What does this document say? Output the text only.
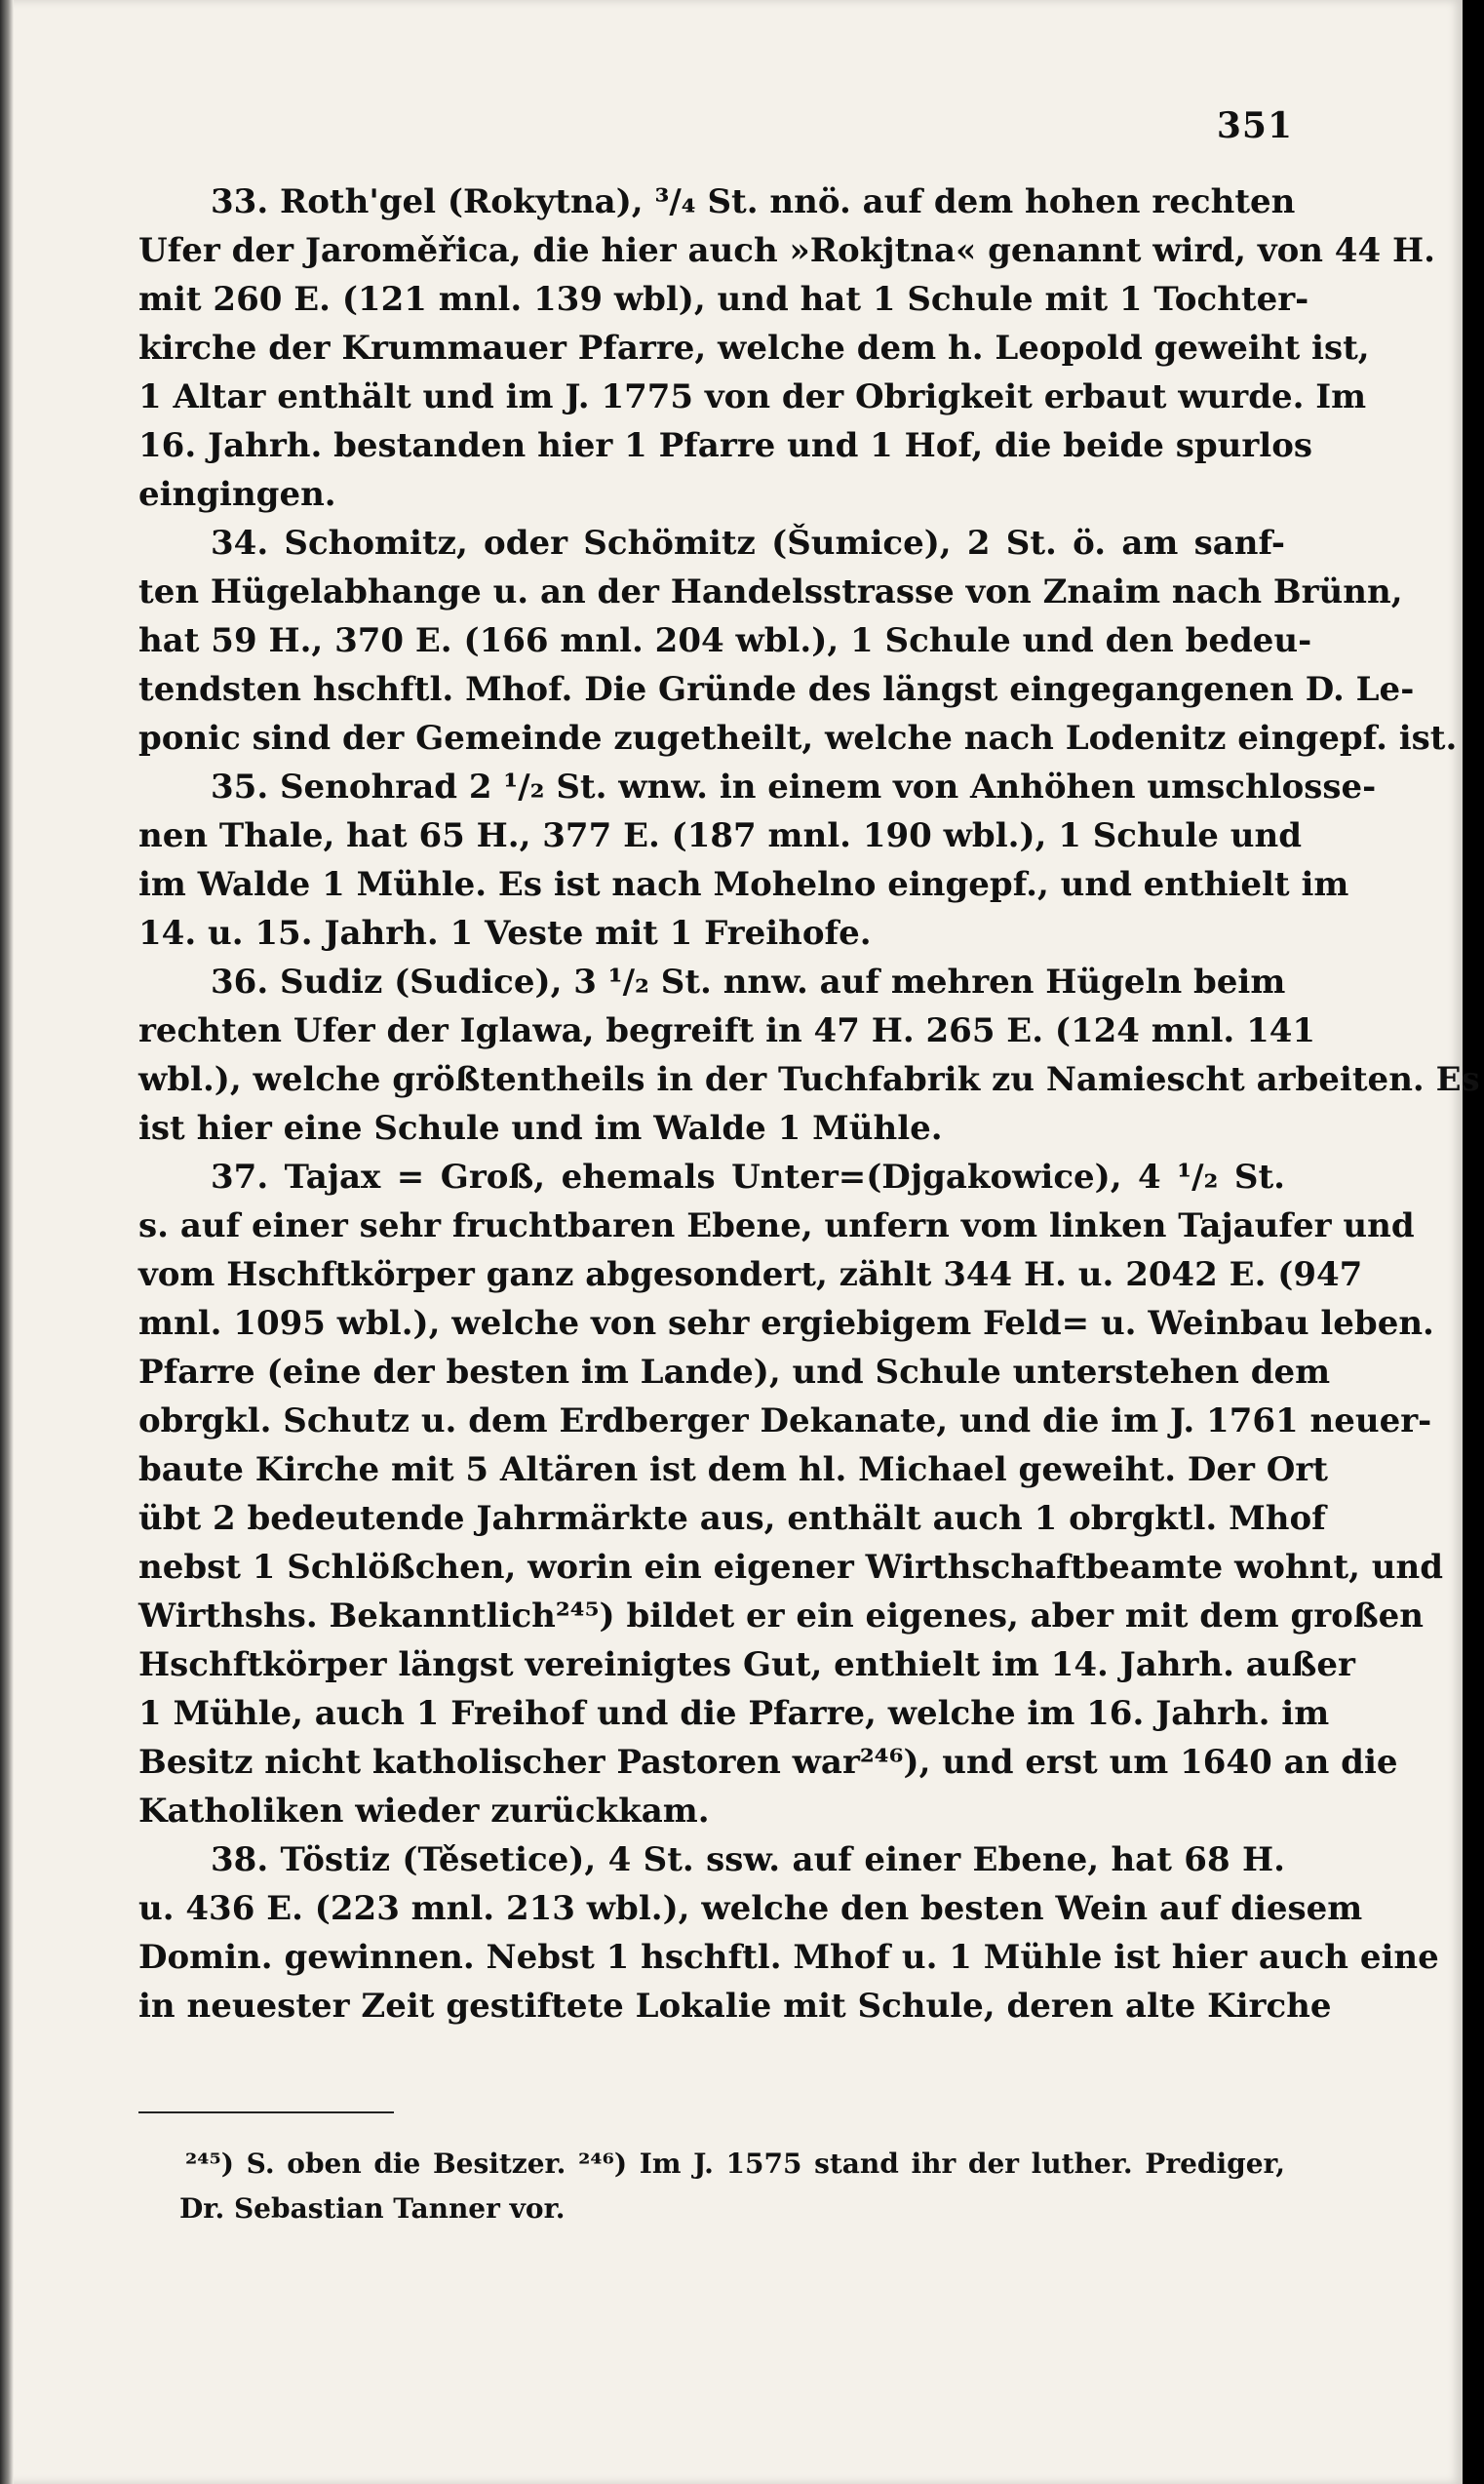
351
33. Roth'gel (Rokytna), ³/₄ St. nnö. auf dem hohen rechten
Ufer der Jaroměřica, die hier auch »Rokjtna« genannt wird, von 44 H.
mit 260 E. (121 mnl. 139 wbl), und hat 1 Schule mit 1 Tochter-
kirche der Krummauer Pfarre, welche dem h. Leopold geweiht ist,
1 Altar enthält und im J. 1775 von der Obrigkeit erbaut wurde. Im
16. Jahrh. bestanden hier 1 Pfarre und 1 Hof, die beide spurlos
eingingen.
34. Schomitz, oder Schömitz (Šumice), 2 St. ö. am sanf-
ten Hügelabhange u. an der Handelsstrasse von Znaim nach Brünn,
hat 59 H., 370 E. (166 mnl. 204 wbl.), 1 Schule und den bedeu-
tendsten hschftl. Mhof. Die Gründe des längst eingegangenen D. Le-
ponic sind der Gemeinde zugetheilt, welche nach Lodenitz eingepf. ist.
35. Senohrad 2 ¹/₂ St. wnw. in einem von Anhöhen umschlosse-
nen Thale, hat 65 H., 377 E. (187 mnl. 190 wbl.), 1 Schule und
im Walde 1 Mühle. Es ist nach Mohelno eingepf., und enthielt im
14. u. 15. Jahrh. 1 Veste mit 1 Freihofe.
36. Sudiz (Sudice), 3 ¹/₂ St. nnw. auf mehren Hügeln beim
rechten Ufer der Iglawa, begreift in 47 H. 265 E. (124 mnl. 141
wbl.), welche größtentheils in der Tuchfabrik zu Namiescht arbeiten. Es
ist hier eine Schule und im Walde 1 Mühle.
37. Tajax = Groß, ehemals Unter=(Djgakowice), 4 ¹/₂ St.
s. auf einer sehr fruchtbaren Ebene, unfern vom linken Tajaufer und
vom Hschftkörper ganz abgesondert, zählt 344 H. u. 2042 E. (947
mnl. 1095 wbl.), welche von sehr ergiebigem Feld= u. Weinbau leben.
Pfarre (eine der besten im Lande), und Schule unterstehen dem
obrgkl. Schutz u. dem Erdberger Dekanate, und die im J. 1761 neuer-
baute Kirche mit 5 Altären ist dem hl. Michael geweiht. Der Ort
übt 2 bedeutende Jahrmärkte aus, enthält auch 1 obrgktl. Mhof
nebst 1 Schlößchen, worin ein eigener Wirthschaftbeamte wohnt, und
Wirthshs. Bekanntlich²⁴⁵) bildet er ein eigenes, aber mit dem großen
Hschftkörper längst vereinigtes Gut, enthielt im 14. Jahrh. außer
1 Mühle, auch 1 Freihof und die Pfarre, welche im 16. Jahrh. im
Besitz nicht katholischer Pastoren war²⁴⁶), und erst um 1640 an die
Katholiken wieder zurückkam.
38. Töstiz (Těsetice), 4 St. ssw. auf einer Ebene, hat 68 H.
u. 436 E. (223 mnl. 213 wbl.), welche den besten Wein auf diesem
Domin. gewinnen. Nebst 1 hschftl. Mhof u. 1 Mühle ist hier auch eine
in neuester Zeit gestiftete Lokalie mit Schule, deren alte Kirche
²⁴⁵) S. oben die Besitzer. ²⁴⁶) Im J. 1575 stand ihr der luther. Prediger,
Dr. Sebastian Tanner vor.
